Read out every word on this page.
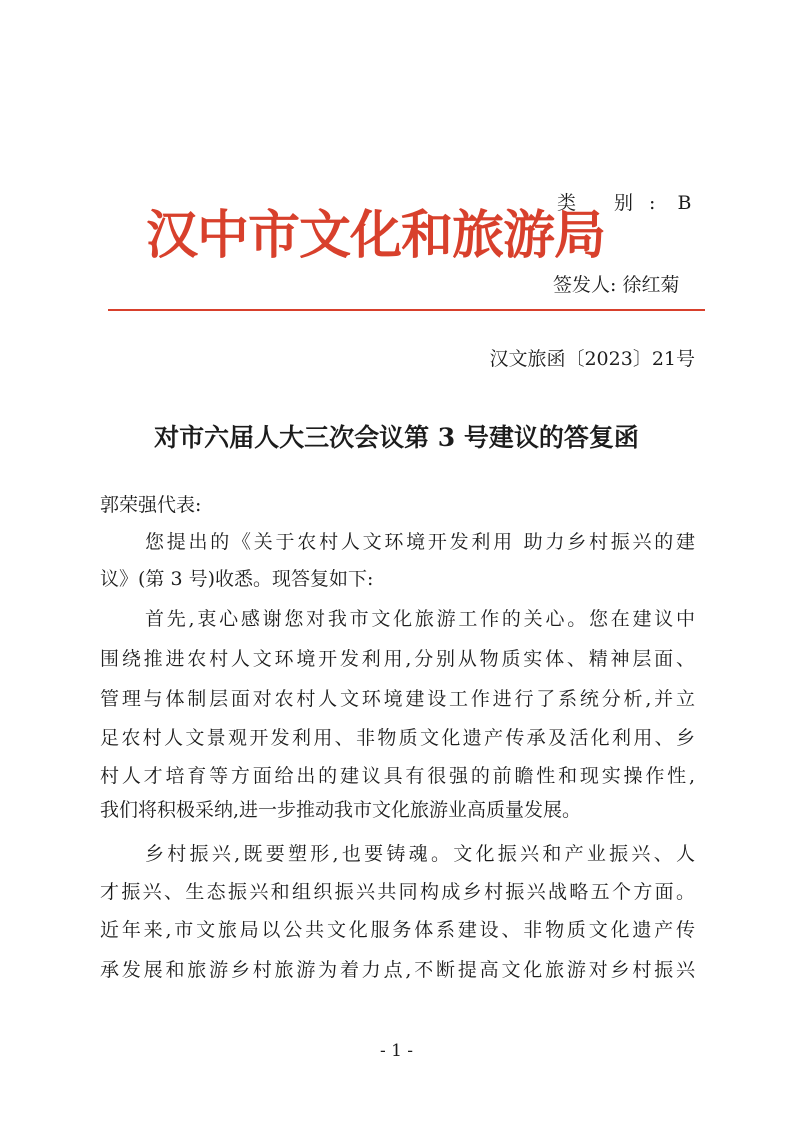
类 别: B
汉中市文化和旅游局
签发人: 徐红菊
汉文旅函〔2023〕21号
对市六届人大三次会议第 3 号建议的答复函
郭荣强代表:
您提出的《关于农村人文环境开发利用 助力乡村振兴的建
议》(第 3 号)收悉。现答复如下:
首先,衷心感谢您对我市文化旅游工作的关心。您在建议中
围绕推进农村人文环境开发利用,分别从物质实体、精神层面、
管理与体制层面对农村人文环境建设工作进行了系统分析,并立
足农村人文景观开发利用、非物质文化遗产传承及活化利用、乡
村人才培育等方面给出的建议具有很强的前瞻性和现实操作性,
我们将积极采纳,进一步推动我市文化旅游业高质量发展。
乡村振兴,既要塑形,也要铸魂。文化振兴和产业振兴、人
才振兴、生态振兴和组织振兴共同构成乡村振兴战略五个方面。
近年来,市文旅局以公共文化服务体系建设、非物质文化遗产传
承发展和旅游乡村旅游为着力点,不断提高文化旅游对乡村振兴
- 1 -
